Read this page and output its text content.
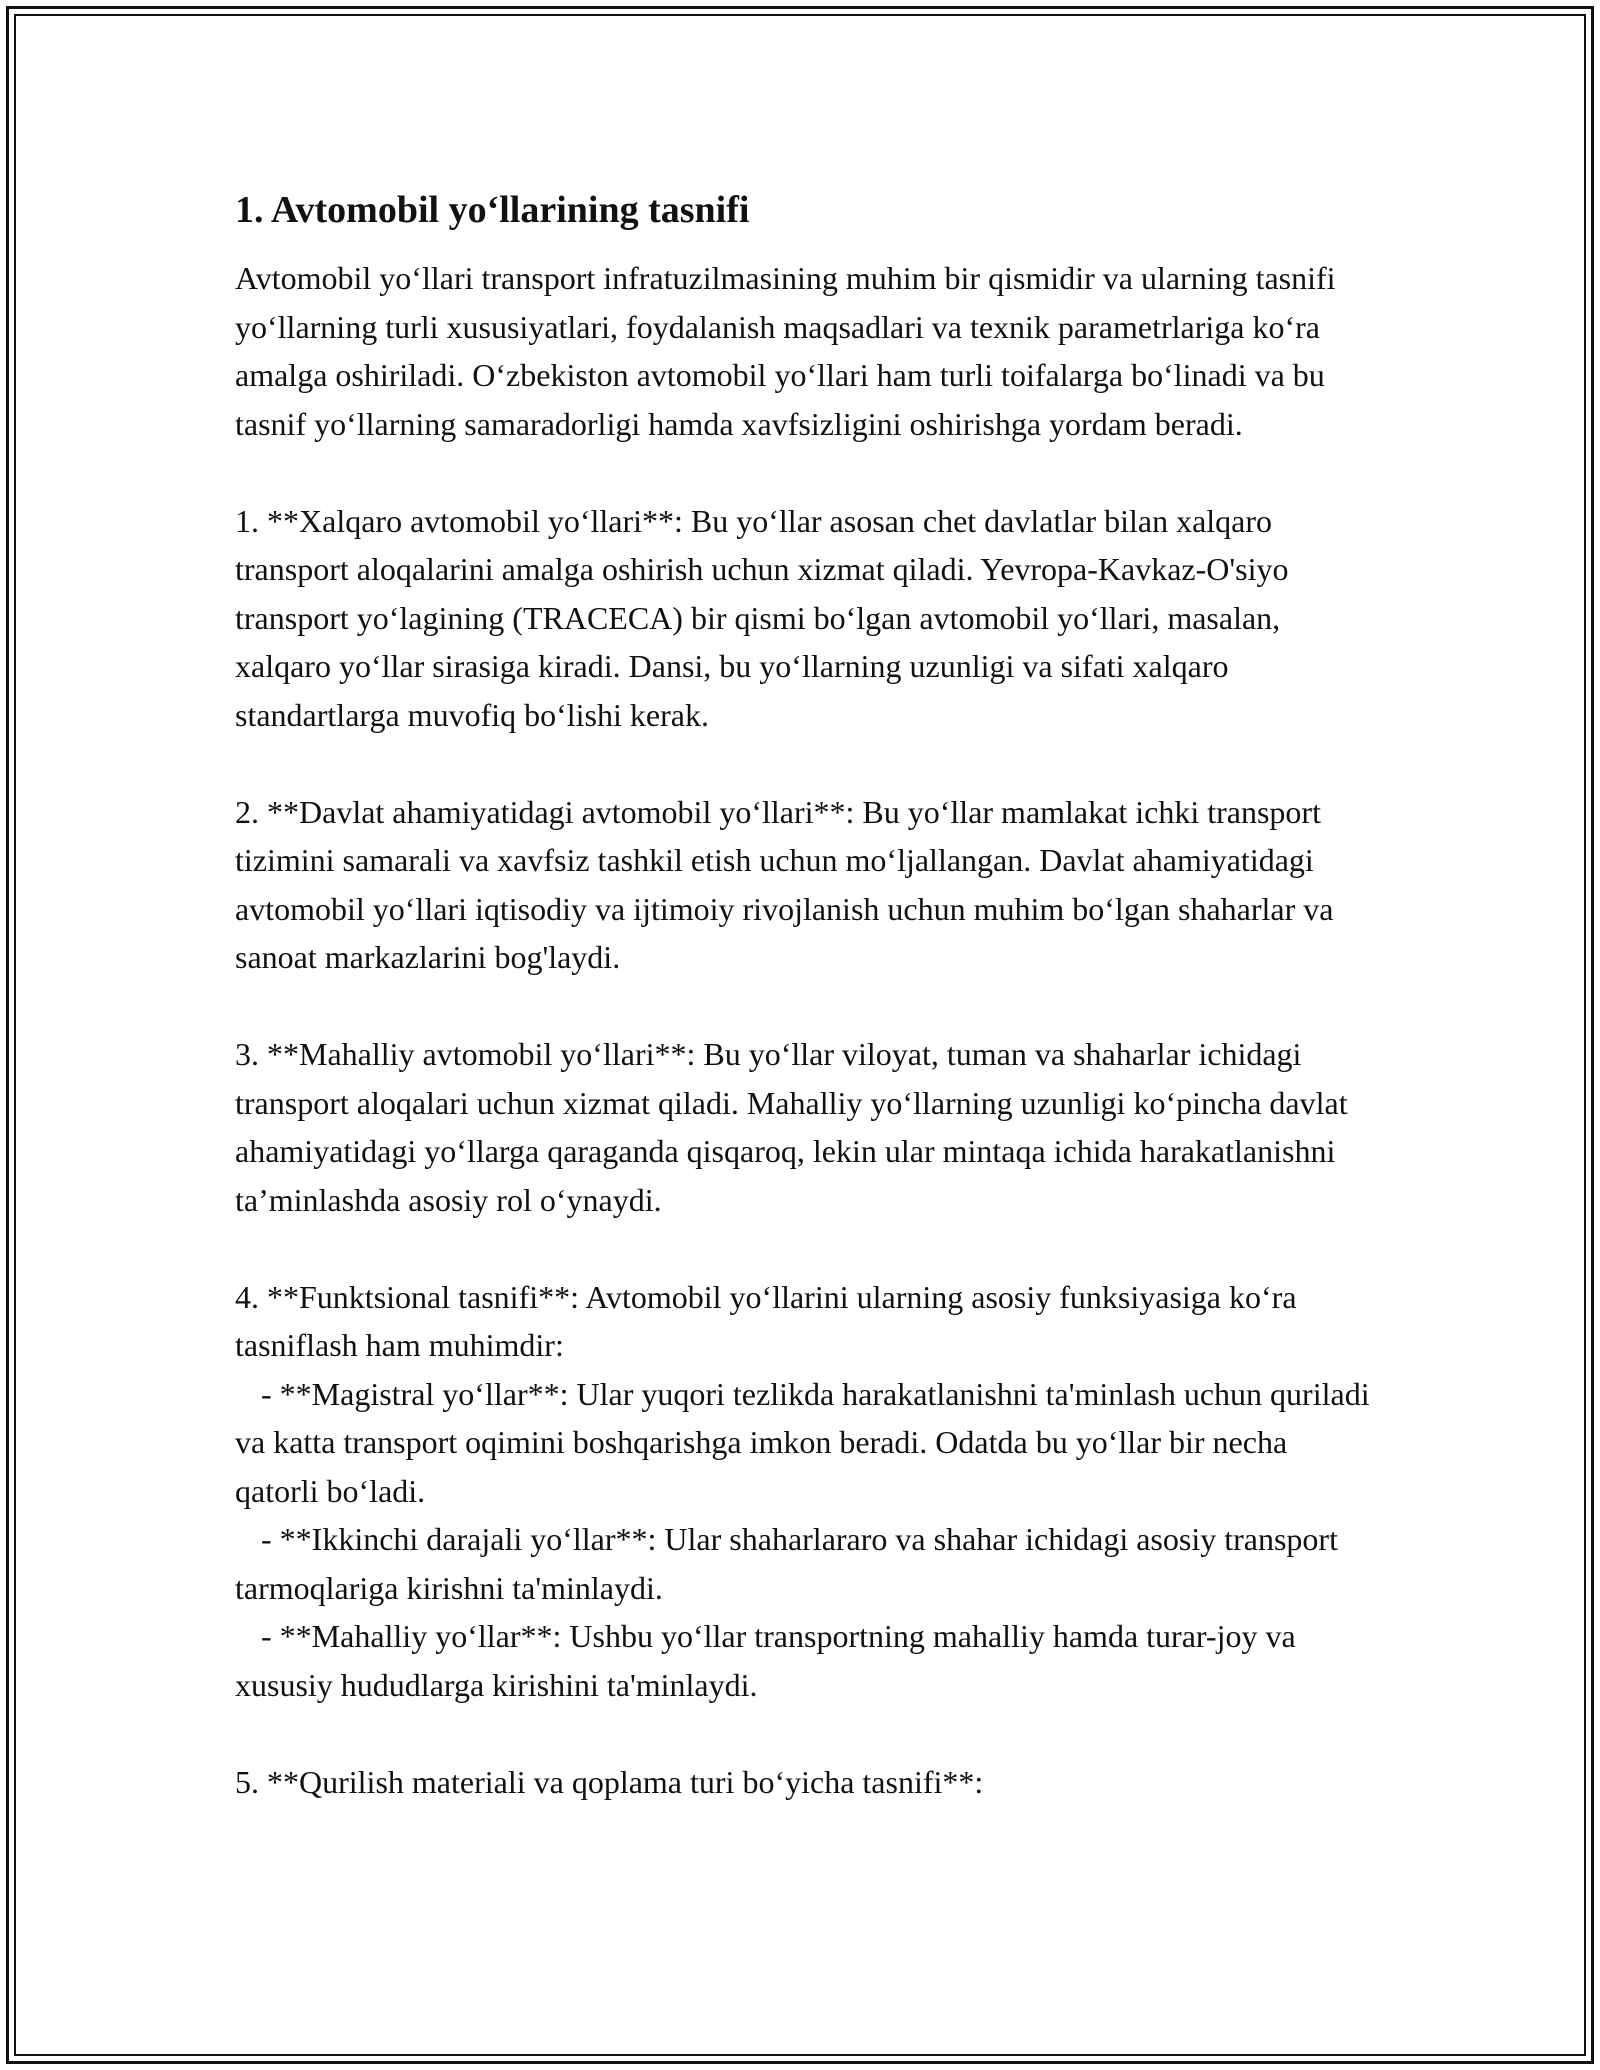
1. Avtomobil yo‘llarining tasnifi

Avtomobil yo‘llari transport infratuzilmasining muhim bir qismidir va ularning tasnifi yo‘llarning turli xususiyatlari, foydalanish maqsadlari va texnik parametrlariga ko‘ra amalga oshiriladi. O‘zbekiston avtomobil yo‘llari ham turli toifalarga bo‘linadi va bu tasnif yo‘llarning samaradorligi hamda xavfsizligini oshirishga yordam beradi.

1. **Xalqaro avtomobil yo‘llari**: Bu yo‘llar asosan chet davlatlar bilan xalqaro transport aloqalarini amalga oshirish uchun xizmat qiladi. Yevropa-Kavkaz-O'siyo transport yo‘lagining (TRACECA) bir qismi bo‘lgan avtomobil yo‘llari, masalan, xalqaro yo‘llar sirasiga kiradi. Dansi, bu yo‘llarning uzunligi va sifati xalqaro standartlarga muvofiq bo‘lishi kerak.

2. **Davlat ahamiyatidagi avtomobil yo‘llari**: Bu yo‘llar mamlakat ichki transport tizimini samarali va xavfsiz tashkil etish uchun mo‘ljallangan. Davlat ahamiyatidagi avtomobil yo‘llari iqtisodiy va ijtimoiy rivojlanish uchun muhim bo‘lgan shaharlar va sanoat markazlarini bog'laydi.

3. **Mahalliy avtomobil yo‘llari**: Bu yo‘llar viloyat, tuman va shaharlar ichidagi transport aloqalari uchun xizmat qiladi. Mahalliy yo‘llarning uzunligi ko‘pincha davlat ahamiyatidagi yo‘llarga qaraganda qisqaroq, lekin ular mintaqa ichida harakatlanishni ta’minlashda asosiy rol o‘ynaydi.

4. **Funktsional tasnifi**: Avtomobil yo‘llarini ularning asosiy funksiyasiga ko‘ra tasniflash ham muhimdir:

- **Magistral yo‘llar**: Ular yuqori tezlikda harakatlanishni ta'minlash uchun quriladi va katta transport oqimini boshqarishga imkon beradi. Odatda bu yo‘llar bir necha qatorli bo‘ladi.

- **Ikkinchi darajali yo‘llar**: Ular shaharlararo va shahar ichidagi asosiy transport tarmoqlariga kirishni ta'minlaydi.

- **Mahalliy yo‘llar**: Ushbu yo‘llar transportning mahalliy hamda turar-joy va xususiy hududlarga kirishini ta'minlaydi.

5. **Qurilish materiali va qoplama turi bo‘yicha tasnifi**:
